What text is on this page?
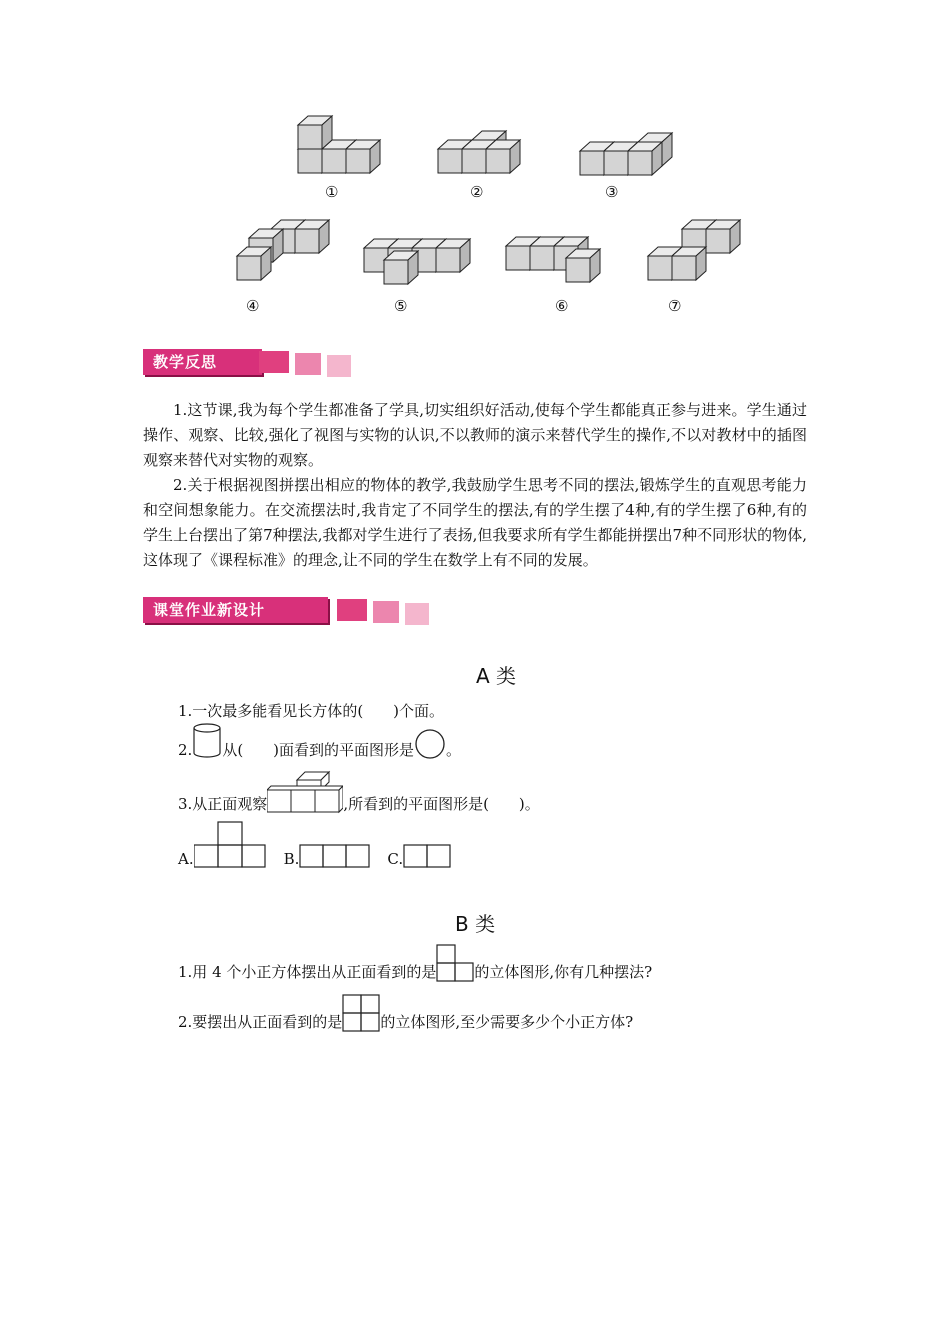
①	②	③
④	⑤	⑥	⑦
教学反思

1.这节课,我为每个学生都准备了学具,切实组织好活动,使每个学生都能真正参与进来。学生通过操作、观察、比较,强化了视图与实物的认识,不以教师的演示来替代学生的操作,不以对教材中的插图观察来替代对实物的观察。

2.关于根据视图拼摆出相应的物体的教学,我鼓励学生思考不同的摆法,锻炼学生的直观思考能力和空间想象能力。在交流摆法时,我肯定了不同学生的摆法,有的学生摆了4种,有的学生摆了6种,有的学生上台摆出了第7种摆法,我都对学生进行了表扬,但我要求所有学生都能拼摆出7种不同形状的物体,这体现了《课程标准》的理念,让不同的学生在数学上有不同的发展。

课堂作业新设计
A 类
1.一次最多能看见长方体的(　　)个面。
2. 从(　　)面看到的平面图形是 。
3.从正面观察	,所看到的平面图形是(　　)。
A.	B.	C.
B 类
1.用 4 个小正方体摆出从正面看到的是	的立体图形,你有几种摆法?
2.要摆出从正面看到的是	的立体图形,至少需要多少个小正方体?
